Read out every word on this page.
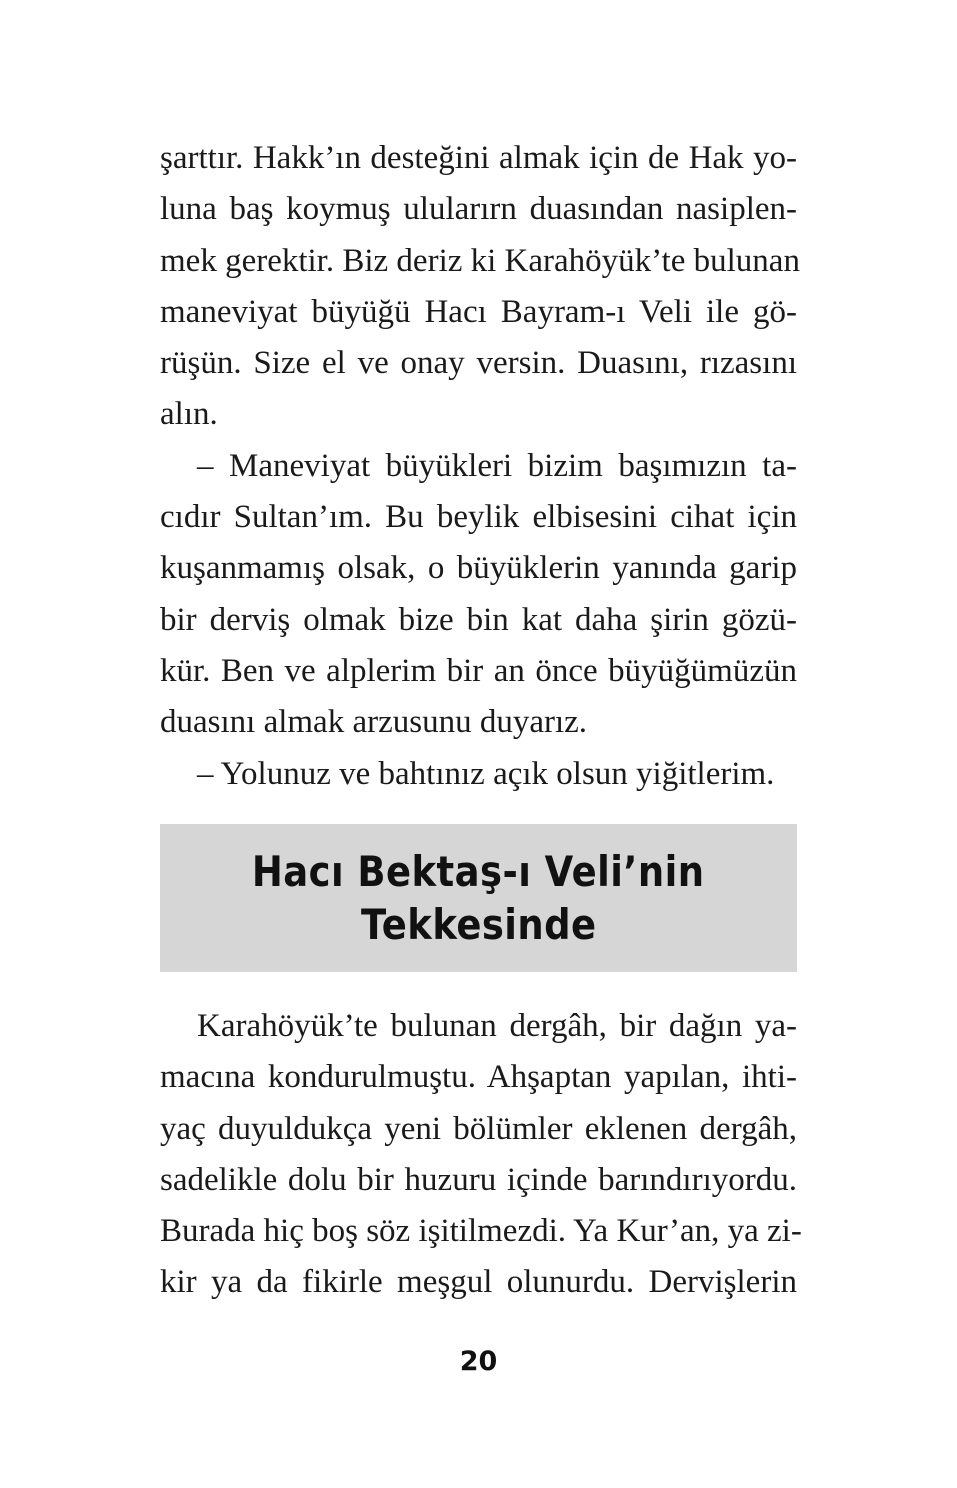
şarttır. Hakk’ın desteğini almak için de Hak yo-
luna baş koymuş ulularırn duasından nasiplen-
mek gerektir. Biz deriz ki Karahöyük’te bulunan
maneviyat büyüğü Hacı Bayram-ı Veli ile gö-
rüşün. Size el ve onay versin. Duasını, rızasını
alın.
– Maneviyat büyükleri bizim başımızın ta-
cıdır Sultan’ım. Bu beylik elbisesini cihat için
kuşanmamış olsak, o büyüklerin yanında garip
bir derviş olmak bize bin kat daha şirin gözü-
kür. Ben ve alplerim bir an önce büyüğümüzün
duasını almak arzusunu duyarız.
– Yolunuz ve bahtınız açık olsun yiğitlerim.
Hacı Bektaş-ı Veli’nin
Tekkesinde
Karahöyük’te bulunan dergâh, bir dağın ya-
macına kondurulmuştu. Ahşaptan yapılan, ihti-
yaç duyuldukça yeni bölümler eklenen dergâh,
sadelikle dolu bir huzuru içinde barındırıyordu.
Burada hiç boş söz işitilmezdi. Ya Kur’an, ya zi-
kir ya da fikirle meşgul olunurdu. Dervişlerin
20
